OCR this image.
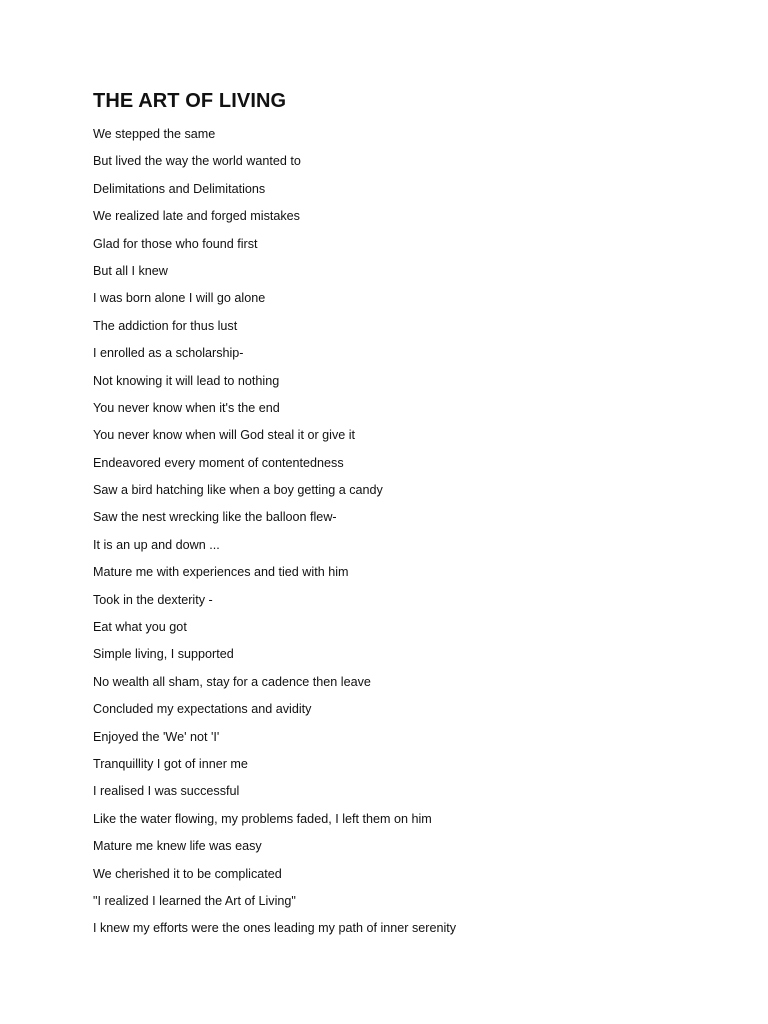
THE ART OF LIVING
We stepped the same
But lived the way the world wanted to
Delimitations and Delimitations
We realized late and forged mistakes
Glad for those who found first
But all I knew
I was born alone I will go alone
The addiction for thus lust
I enrolled as a scholarship-
Not knowing it will lead to nothing
You never know when it's the end
You never know when will God steal it or give it
Endeavored every moment of contentedness
Saw a bird hatching like when a boy getting a candy
Saw the nest wrecking like the balloon flew-
It is an up and down ...
Mature me with experiences and tied with him
Took in the dexterity -
Eat what you got
Simple living, I supported
No wealth all sham, stay for a cadence then leave
Concluded my expectations and avidity
Enjoyed the 'We' not 'I'
Tranquillity I got of inner me
I realised I was successful
Like the water flowing, my problems faded, I left them on him
Mature me knew life was easy
We cherished it to be complicated
"I realized I learned the Art of Living"
I knew my efforts were the ones leading my path of inner serenity
